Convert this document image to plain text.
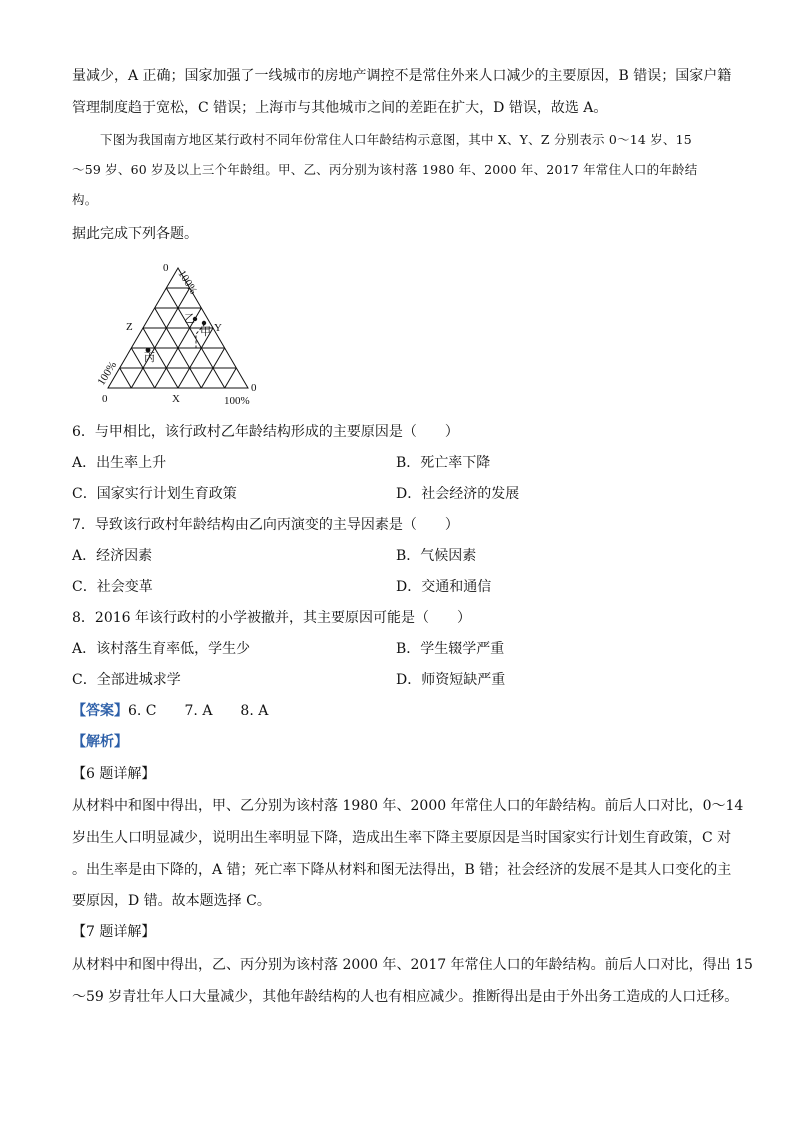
量减少，A 正确；国家加强了一线城市的房地产调控不是常住外来人口减少的主要原因，B 错误；国家户籍
管理制度趋于宽松，C 错误；上海市与其他城市之间的差距在扩大，D 错误，故选 A。
下图为我国南方地区某行政村不同年份常住人口年龄结构示意图，其中 X、Y、Z 分别表示 0～14 岁、15
～59 岁、60 岁及以上三个年龄组。甲、乙、丙分别为该村落 1980 年、2000 年、2017 年常住人口的年龄结
构。
据此完成下列各题。
乙
甲
丙
0
100%
Z	Y
X
100%
0
0
100%
6．与甲相比，该行政村乙年龄结构形成的主要原因是（　　）
A．出生率上升	B．死亡率下降
C．国家实行计划生育政策	D．社会经济的发展
7．导致该行政村年龄结构由乙向丙演变的主导因素是（　　）
A．经济因素	B．气候因素
C．社会变革	D．交通和通信
8．2016 年该行政村的小学被撤并，其主要原因可能是（　　）
A．该村落生育率低，学生少	B．学生辍学严重
C．全部进城求学	D．师资短缺严重
【答案】6. C　　7. A　　8. A
【解析】
【6 题详解】
从材料中和图中得出，甲、乙分别为该村落 1980 年、2000 年常住人口的年龄结构。前后人口对比，0～14
岁出生人口明显减少，说明出生率明显下降，造成出生率下降主要原因是当时国家实行计划生育政策，C 对
。出生率是由下降的，A 错；死亡率下降从材料和图无法得出，B 错；社会经济的发展不是其人口变化的主
要原因，D 错。故本题选择 C。
【7 题详解】
从材料中和图中得出，乙、丙分别为该村落 2000 年、2017 年常住人口的年龄结构。前后人口对比，得出 15
～59 岁青壮年人口大量减少，其他年龄结构的人也有相应减少。推断得出是由于外出务工造成的人口迁移。
